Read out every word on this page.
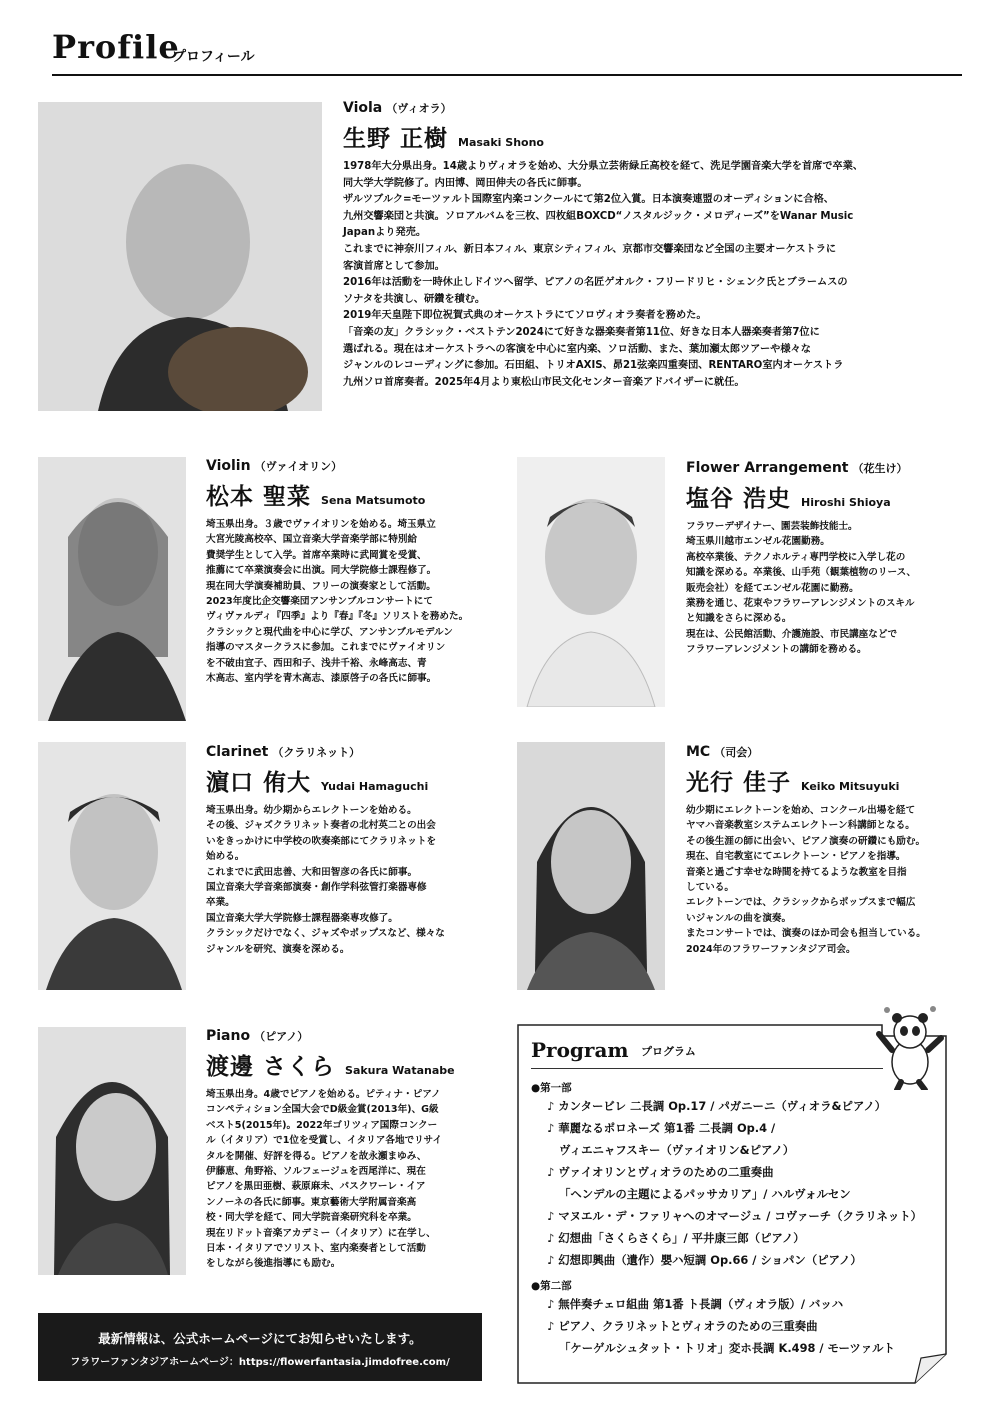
Profile
プロフィール
Viola （ヴィオラ）
生野 正樹 Masaki Shono
1978年大分県出身。14歳よりヴィオラを始め、大分県立芸術緑丘高校を経て、洗足学園音楽大学を首席で卒業、
同大学大学院修了。内田博、岡田伸夫の各氏に師事。
ザルツブルク=モーツァルト国際室内楽コンクールにて第2位入賞。日本演奏連盟のオーディションに合格、
九州交響楽団と共演。ソロアルバムを三枚、四枚組BOXCD“ノスタルジック・メロディーズ”をWanar Music
Japanより発売。
これまでに神奈川フィル、新日本フィル、東京シティフィル、京都市交響楽団など全国の主要オーケストラに
客演首席として参加。
2016年は活動を一時休止しドイツへ留学、ピアノの名匠ゲオルク・フリードリヒ・シェンク氏とブラームスの
ソナタを共演し、研鑽を積む。
2019年天皇陛下即位祝賀式典のオーケストラにてソロヴィオラ奏者を務めた。
「音楽の友」クラシック・ベストテン2024にて好きな器楽奏者第11位、好きな日本人器楽奏者第7位に
選ばれる。現在はオーケストラへの客演を中心に室内楽、ソロ活動、また、葉加瀬太郎ツアーや様々な
ジャンルのレコーディングに参加。石田組、トリオAXIS、昴21弦楽四重奏団、RENTARO室内オーケストラ
九州ソロ首席奏者。2025年4月より東松山市民文化センター音楽アドバイザーに就任。
Violin （ヴァイオリン）
松本 聖菜 Sena Matsumoto
埼玉県出身。３歳でヴァイオリンを始める。埼玉県立
大宮光陵高校卒、国立音楽大学音楽学部に特別給
費奨学生として入学。首席卒業時に武岡賞を受賞、
推薦にて卒業演奏会に出演。同大学院修士課程修了。
現在同大学演奏補助員、フリーの演奏家として活動。
2023年度比企交響楽団アンサンブルコンサートにて
ヴィヴァルディ『四季』より『春』『冬』ソリストを務めた。
クラシックと現代曲を中心に学び、アンサンブルモデルン
指導のマスタークラスに参加。これまでにヴァイオリン
を不破由宜子、西田和子、浅井千裕、永峰高志、青
木高志、室内学を青木高志、漆原啓子の各氏に師事。
Flower Arrangement （花生け）
塩谷 浩史 Hiroshi Shioya
フラワーデザイナー、園芸装飾技能士。
埼玉県川越市エンゼル花園勤務。
高校卒業後、テクノホルティ専門学校に入学し花の
知識を深める。卒業後、山手苑（観葉植物のリース、
販売会社）を経てエンゼル花園に勤務。
業務を通じ、花束やフラワーアレンジメントのスキル
と知識をさらに深める。
現在は、公民館活動、介護施設、市民講座などで
フラワーアレンジメントの講師を務める。
Clarinet （クラリネット）
濵口 侑大 Yudai Hamaguchi
埼玉県出身。幼少期からエレクトーンを始める。
その後、ジャズクラリネット奏者の北村英二との出会
いをきっかけに中学校の吹奏楽部にてクラリネットを
始める。
これまでに武田忠善、大和田智彦の各氏に師事。
国立音楽大学音楽部演奏・創作学科弦管打楽器専修
卒業。
国立音楽大学大学院修士課程器楽専攻修了。
クラシックだけでなく、ジャズやポップスなど、様々な
ジャンルを研究、演奏を深める。
MC （司会）
光行 佳子 Keiko Mitsuyuki
幼少期にエレクトーンを始め、コンクール出場を経て
ヤマハ音楽教室システムエレクトーン科講師となる。
その後生涯の師に出会い、ピアノ演奏の研鑽にも励む。
現在、自宅教室にてエレクトーン・ピアノを指導。
音楽と過ごす幸せな時間を持てるような教室を目指
している。
エレクトーンでは、クラシックからポップスまで幅広
いジャンルの曲を演奏。
またコンサートでは、演奏のほか司会も担当している。
2024年のフラワーファンタジア司会。
Piano （ピアノ）
渡邊 さくら Sakura Watanabe
埼玉県出身。4歳でピアノを始める。ピティナ・ピアノ
コンペティション全国大会でD級金賞(2013年)、G級
ベスト5(2015年)。2022年ゴリツィア国際コンクー
ル（イタリア）で1位を受賞し、イタリア各地でリサイ
タルを開催、好評を得る。ピアノを故永瀬まゆみ、
伊藤恵、角野裕、ソルフェージュを西尾洋に、現在
ピアノを黒田亜樹、萩原麻未、パスクワーレ・イア
ンノーネの各氏に師事。東京藝術大学附属音楽高
校・同大学を経て、同大学院音楽研究科を卒業。
現在リドット音楽アカデミー（イタリア）に在学し、
日本・イタリアでソリスト、室内楽奏者として活動
をしながら後進指導にも励む。
Program プログラム
●第一部
♪ カンタービレ 二長調 Op.17 / パガニーニ（ヴィオラ&ピアノ）
♪ 華麗なるポロネーズ 第1番 二長調 Op.4 /
ヴィエニャフスキー（ヴァイオリン&ピアノ）
♪ ヴァイオリンとヴィオラのための二重奏曲
「ヘンデルの主題によるパッサカリア」/ ハルヴォルセン
♪ マヌエル・デ・ファリャへのオマージュ / コヴァーチ（クラリネット）
♪ 幻想曲「さくらさくら」/ 平井康三郎（ピアノ）
♪ 幻想即興曲（遺作）嬰ハ短調 Op.66 / ショパン（ピアノ）
●第二部
♪ 無伴奏チェロ組曲 第1番 ト長調（ヴィオラ版）/ バッハ
♪ ピアノ、クラリネットとヴィオラのための三重奏曲
「ケーゲルシュタット・トリオ」変ホ長調 K.498 / モーツァルト
最新情報は、公式ホームページにてお知らせいたします。
フラワーファンタジアホームページ：https://flowerfantasia.jimdofree.com/
